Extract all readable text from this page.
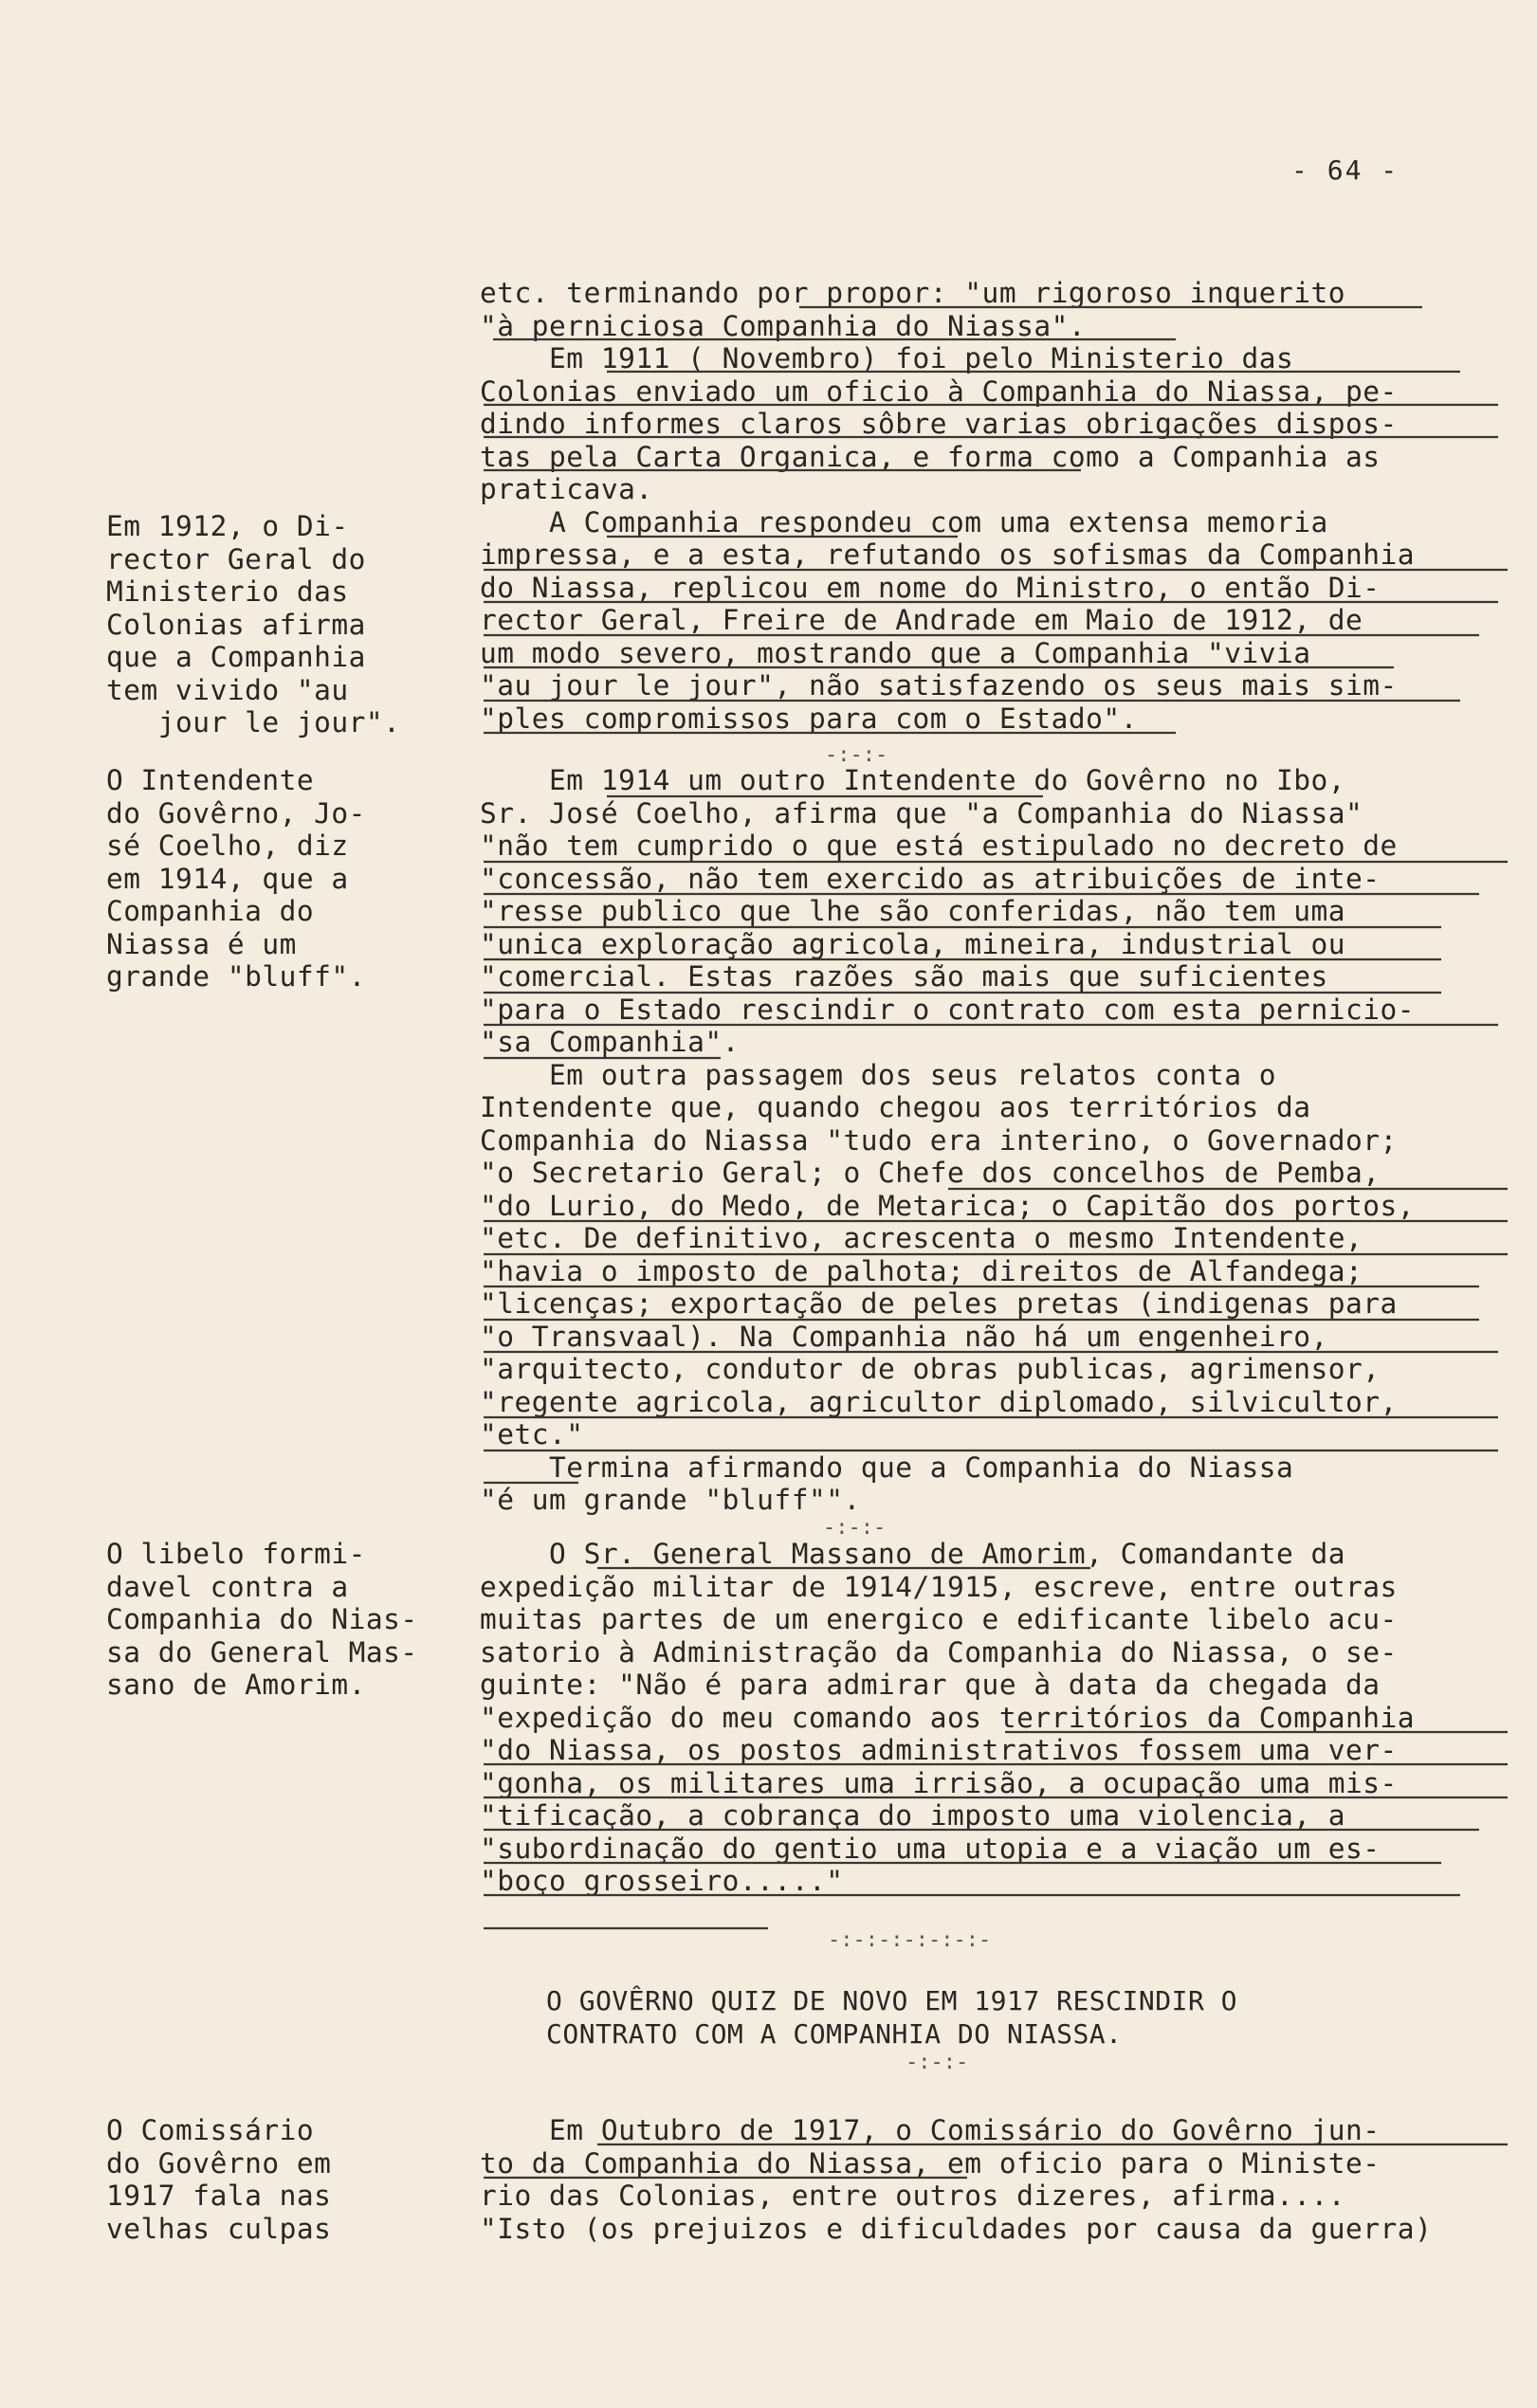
- 64 -
etc. terminando por propor: "um rigoroso inquerito
"à perniciosa Companhia do Niassa".
Em 1911 ( Novembro) foi pelo Ministerio das
Colonias enviado um oficio à Companhia do Niassa, pe-
dindo informes claros sôbre varias obrigações dispos-
tas pela Carta Organica, e forma como a Companhia as
praticava.
A Companhia respondeu com uma extensa memoria
impressa, e a esta, refutando os sofismas da Companhia
do Niassa, replicou em nome do Ministro, o então Di-
rector Geral, Freire de Andrade em Maio de 1912, de
um modo severo, mostrando que a Companhia "vivia
"au jour le jour", não satisfazendo os seus mais sim-
"ples compromissos para com o Estado".
-:-:-
Em 1914 um outro Intendente do Govêrno no Ibo,
Sr. José Coelho, afirma que "a Companhia do Niassa"
"não tem cumprido o que está estipulado no decreto de
"concessão, não tem exercido as atribuições de inte-
"resse publico que lhe são conferidas, não tem uma
"unica exploração agricola, mineira, industrial ou
"comercial. Estas razões são mais que suficientes
"para o Estado rescindir o contrato com esta pernicio-
"sa Companhia".
Em outra passagem dos seus relatos conta o
Intendente que, quando chegou aos territórios da
Companhia do Niassa "tudo era interino, o Governador;
"o Secretario Geral; o Chefe dos concelhos de Pemba,
"do Lurio, do Medo, de Metarica; o Capitão dos portos,
"etc. De definitivo, acrescenta o mesmo Intendente,
"havia o imposto de palhota; direitos de Alfandega;
"licenças; exportação de peles pretas (indigenas para
"o Transvaal). Na Companhia não há um engenheiro,
"arquitecto, condutor de obras publicas, agrimensor,
"regente agricola, agricultor diplomado, silvicultor,
"etc."
Termina afirmando que a Companhia do Niassa
"é um grande "bluff"".
-:-:-
O Sr. General Massano de Amorim, Comandante da
expedição militar de 1914/1915, escreve, entre outras
muitas partes de um energico e edificante libelo acu-
satorio à Administração da Companhia do Niassa, o se-
guinte: "Não é para admirar que à data da chegada da
"expedição do meu comando aos territórios da Companhia
"do Niassa, os postos administrativos fossem uma ver-
"gonha, os militares uma irrisão, a ocupação uma mis-
"tificação, a cobrança do imposto uma violencia, a
"subordinação do gentio uma utopia e a viação um es-
"boço grosseiro....."
-:-:-:-:-:-:-
O GOVÊRNO QUIZ DE NOVO EM 1917 RESCINDIR O
CONTRATO COM A COMPANHIA DO NIASSA.
-:-:-
Em Outubro de 1917, o Comissário do Govêrno jun-
to da Companhia do Niassa, em oficio para o Ministe-
rio das Colonias, entre outros dizeres, afirma....
"Isto (os prejuizos e dificuldades por causa da guerra)
Em 1912, o Di-
rector Geral do
Ministerio das
Colonias afirma
que a Companhia
tem vivido "au
jour le jour".
O Intendente
do Govêrno, Jo-
sé Coelho, diz
em 1914, que a
Companhia do
Niassa é um
grande "bluff".
O libelo formi-
davel contra a
Companhia do Nias-
sa do General Mas-
sano de Amorim.
O Comissário
do Govêrno em
1917 fala nas
velhas culpas
